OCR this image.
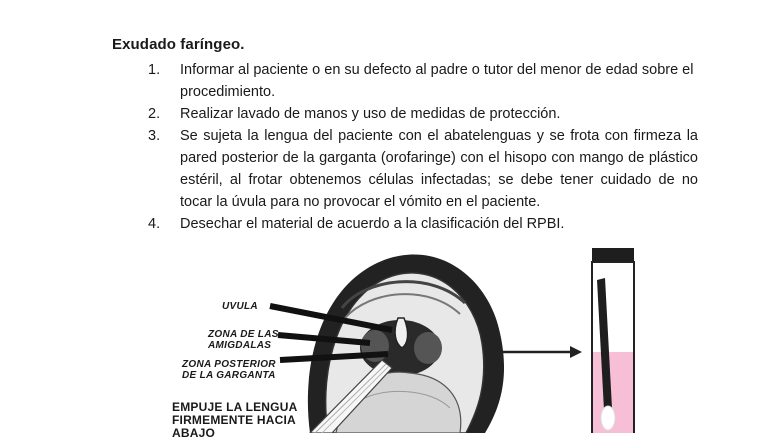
Exudado faríngeo.
1. Informar al paciente o en su defecto al padre o tutor del menor de edad sobre el procedimiento.
2. Realizar lavado de manos y uso de medidas de protección.
3. Se sujeta la lengua del paciente con el abatelenguas y se frota con firmeza la pared posterior de la garganta (orofaringe) con el hisopo con mango de plástico estéril, al frotar obtenemos células infectadas; se debe tener cuidado de no tocar la úvula para no provocar el vómito en el paciente.
4. Desechar el material de acuerdo a la clasificación del RPBI.
UVULA
ZONA DE LAS
AMIGDALAS
ZONA POSTERIOR
DE LA GARGANTA
EMPUJE LA LENGUA
FIRMEMENTE HACIA
ABAJO
